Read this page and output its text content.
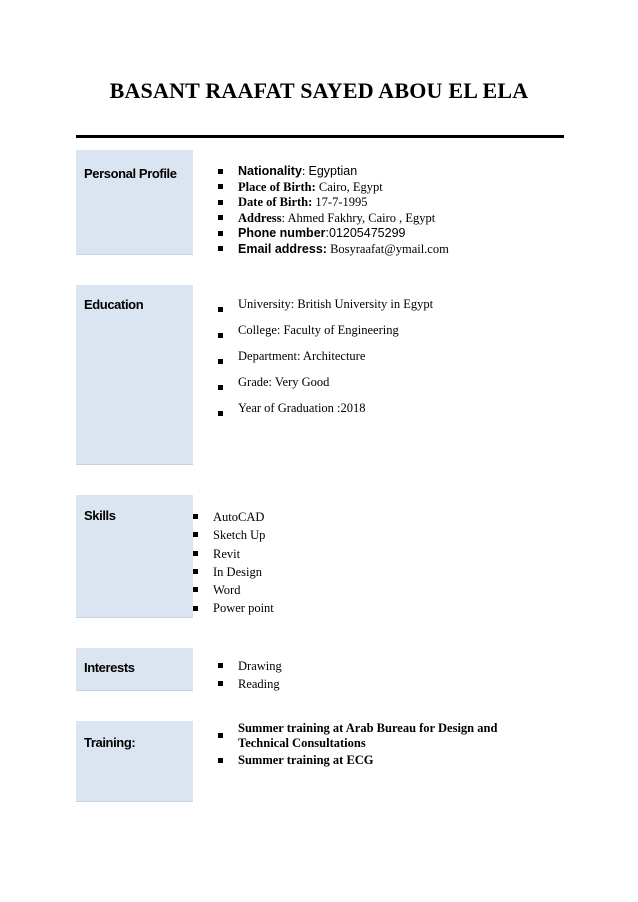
BASANT RAAFAT SAYED ABOU EL ELA
Personal Profile	Nationality: Egyptian
Place of Birth: Cairo, Egypt
Date of Birth: 17-7-1995
Address: Ahmed Fakhry, Cairo , Egypt
Phone number:01205475299
Email address: Bosyraafat@ymail.com
Education	University: British University in Egypt
College: Faculty of Engineering
Department: Architecture
Grade: Very Good
Year of Graduation :2018
Skills	AutoCAD
Sketch Up
Revit
In Design
Word
Power point
Interests	Drawing
Reading
Training:
Summer training at Arab Bureau for Design and Technical Consultations
Summer training at ECG
